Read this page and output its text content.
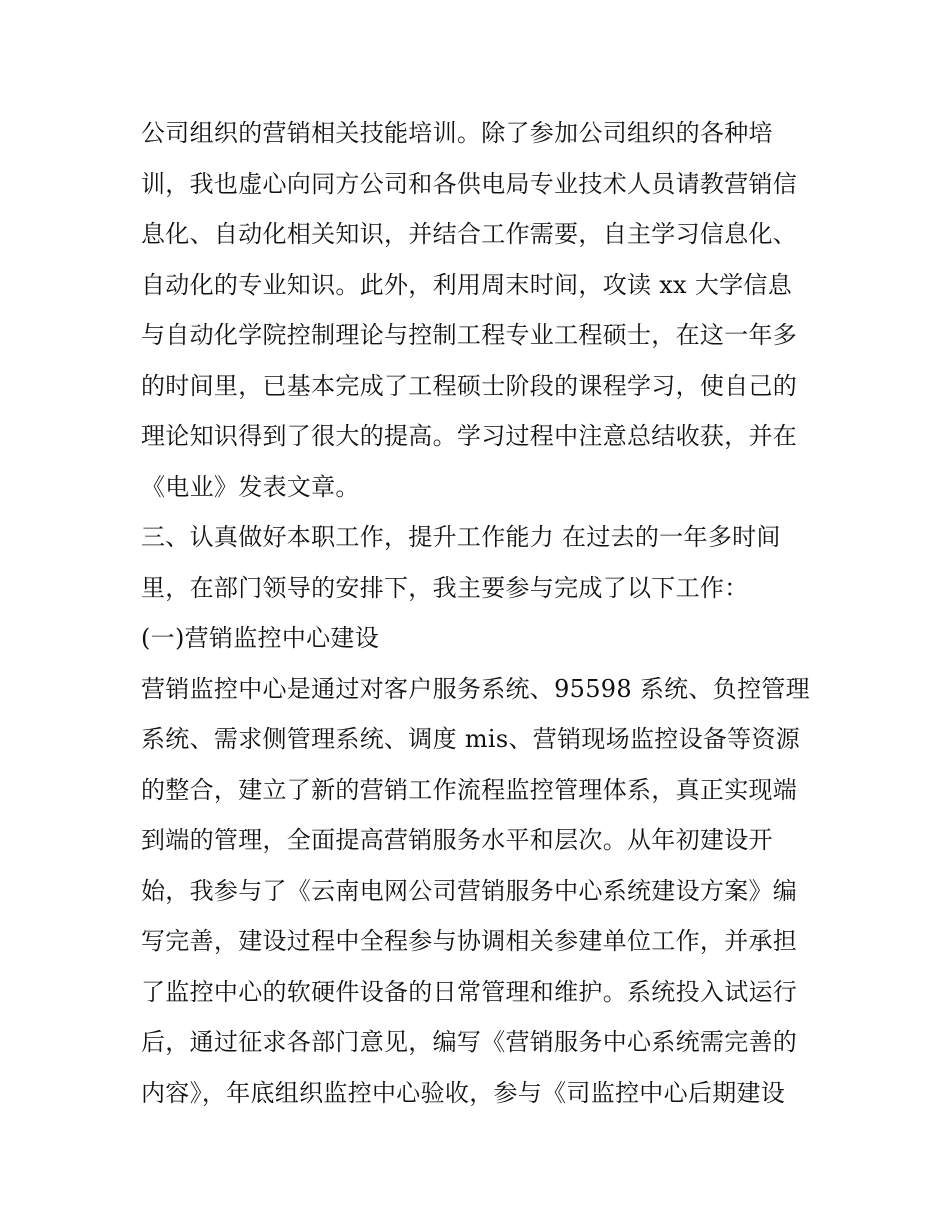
公司组织的营销相关技能培训。除了参加公司组织的各种培
训，我也虚心向同方公司和各供电局专业技术人员请教营销信
息化、自动化相关知识，并结合工作需要，自主学习信息化、
自动化的专业知识。此外，利用周末时间，攻读 xx 大学信息
与自动化学院控制理论与控制工程专业工程硕士，在这一年多
的时间里，已基本完成了工程硕士阶段的课程学习，使自己的
理论知识得到了很大的提高。学习过程中注意总结收获，并在
《电业》发表文章。
三、认真做好本职工作，提升工作能力 在过去的一年多时间
里，在部门领导的安排下，我主要参与完成了以下工作：
(一)营销监控中心建设
营销监控中心是通过对客户服务系统、95598 系统、负控管理
系统、需求侧管理系统、调度 mis、营销现场监控设备等资源
的整合，建立了新的营销工作流程监控管理体系，真正实现端
到端的管理，全面提高营销服务水平和层次。从年初建设开
始，我参与了《云南电网公司营销服务中心系统建设方案》编
写完善，建设过程中全程参与协调相关参建单位工作，并承担
了监控中心的软硬件设备的日常管理和维护。系统投入试运行
后，通过征求各部门意见，编写《营销服务中心系统需完善的
内容》，年底组织监控中心验收，参与《司监控中心后期建设
